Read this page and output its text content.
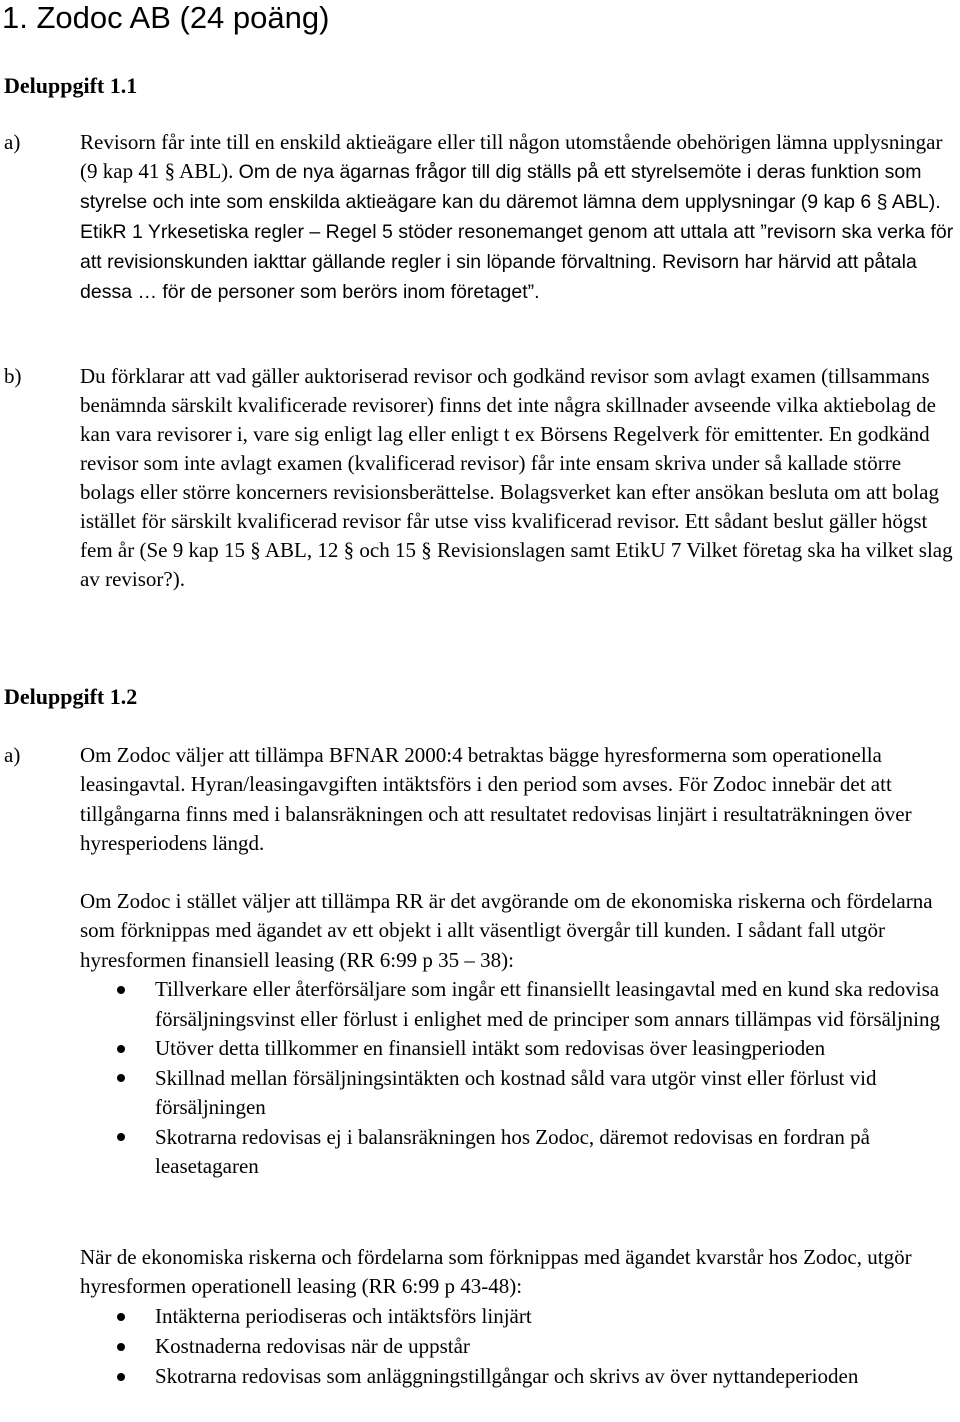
1. Zodoc AB (24 poäng)
Deluppgift 1.1
a)	Revisorn får inte till en enskild aktieägare eller till någon utomstående obehörigen lämna upplysningar (9 kap 41 § ABL). Om de nya ägarnas frågor till dig ställs på ett styrelsemöte i deras funktion som styrelse och inte som enskilda aktieägare kan du däremot lämna dem upplysningar (9 kap 6 § ABL). EtikR 1 Yrkesetiska regler – Regel 5 stöder resonemanget genom att uttala att ”revisorn ska verka för att revisionskunden iakttar gällande regler i sin löpande förvaltning. Revisorn har härvid att påtala dessa … för de personer som berörs inom företaget”.
b)	Du förklarar att vad gäller auktoriserad revisor och godkänd revisor som avlagt examen (tillsammans benämnda särskilt kvalificerade revisorer) finns det inte några skillnader avseende vilka aktiebolag de kan vara revisorer i, vare sig enligt lag eller enligt t ex Börsens Regelverk för emittenter. En godkänd revisor som inte avlagt examen (kvalificerad revisor) får inte ensam skriva under så kallade större bolags eller större koncerners revisionsberättelse. Bolagsverket kan efter ansökan besluta om att bolag istället för särskilt kvalificerad revisor får utse viss kvalificerad revisor. Ett sådant beslut gäller högst fem år (Se 9 kap 15 § ABL, 12 § och 15 § Revisionslagen samt EtikU 7 Vilket företag ska ha vilket slag av revisor?).
Deluppgift 1.2
a)	Om Zodoc väljer att tillämpa BFNAR 2000:4 betraktas bägge hyresformerna som operationella leasingavtal. Hyran/leasingavgiften intäktsförs i den period som avses. För Zodoc innebär det att tillgångarna finns med i balansräkningen och att resultatet redovisas linjärt i resultaträkningen över hyresperiodens längd.
Om Zodoc i stället väljer att tillämpa RR är det avgörande om de ekonomiska riskerna och fördelarna som förknippas med ägandet av ett objekt i allt väsentligt övergår till kunden. I sådant fall utgör hyresformen finansiell leasing (RR 6:99 p 35 – 38):
Tillverkare eller återförsäljare som ingår ett finansiellt leasingavtal med en kund ska redovisa försäljningsvinst eller förlust i enlighet med de principer som annars tillämpas vid försäljning
Utöver detta tillkommer en finansiell intäkt som redovisas över leasingperioden
Skillnad mellan försäljningsintäkten och kostnad såld vara utgör vinst eller förlust vid försäljningen
Skotrarna redovisas ej i balansräkningen hos Zodoc, däremot redovisas en fordran på leasetagaren
När de ekonomiska riskerna och fördelarna som förknippas med ägandet kvarstår hos Zodoc, utgör hyresformen operationell leasing (RR 6:99 p 43-48):
Intäkterna periodiseras och intäktsförs linjärt
Kostnaderna redovisas när de uppstår
Skotrarna redovisas som anläggningstillgångar och skrivs av över nyttandeperioden
